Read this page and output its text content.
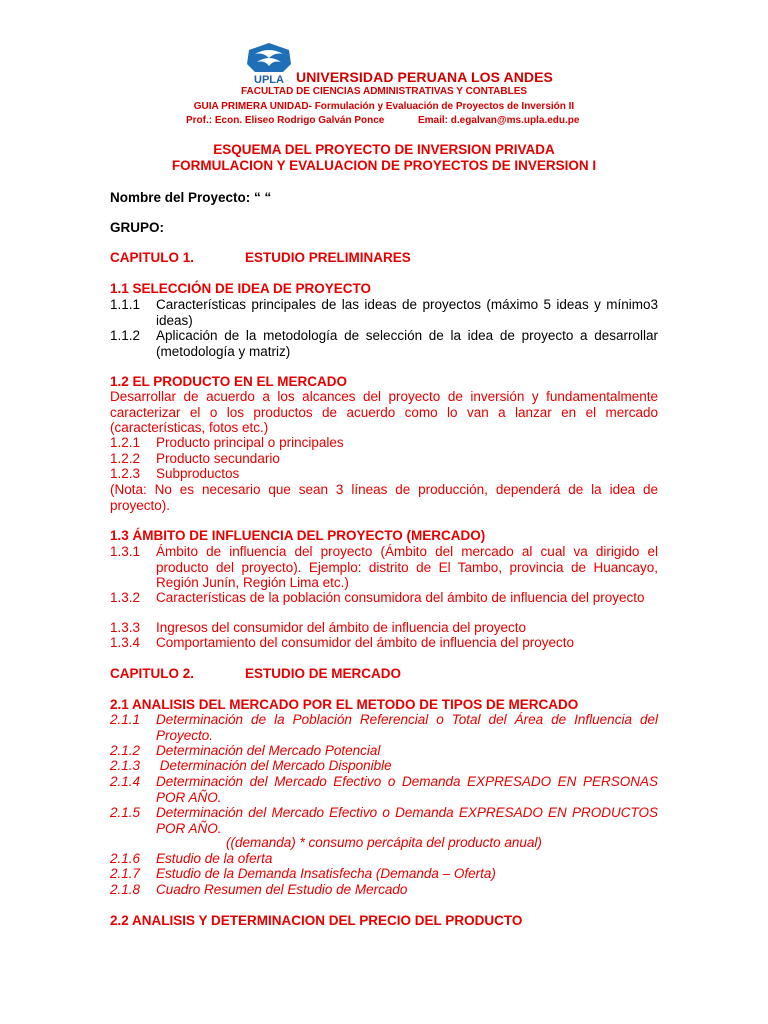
UPLA UNIVERSIDAD PERUANA LOS ANDES
FACULTAD DE CIENCIAS ADMINISTRATIVAS Y CONTABLES
GUIA PRIMERA UNIDAD- Formulación y Evaluación de Proyectos de Inversión II
Prof.: Econ. Eliseo Rodrigo Galván Ponce	Email: d.egalvan@ms.upla.edu.pe
ESQUEMA DEL PROYECTO DE INVERSION PRIVADA
FORMULACION Y EVALUACION DE PROYECTOS DE INVERSION I
Nombre del Proyecto: “ “
GRUPO:
CAPITULO 1.	ESTUDIO PRELIMINARES
1.1 SELECCIÓN DE IDEA DE PROYECTO
1.1.1 Características principales de las ideas de proyectos (máximo 5 ideas y mínimo3 ideas)
1.1.2 Aplicación de la metodología de selección de la idea de proyecto a desarrollar (metodología y matriz)
1.2 EL PRODUCTO EN EL MERCADO
Desarrollar de acuerdo a los alcances del proyecto de inversión y fundamentalmente caracterizar el o los productos de acuerdo como lo van a lanzar en el mercado (características, fotos etc.)
1.2.1 Producto principal o principales
1.2.2 Producto secundario
1.2.3 Subproductos
(Nota: No es necesario que sean 3 líneas de producción, dependerá de la idea de proyecto).
1.3 ÁMBITO DE INFLUENCIA DEL PROYECTO (MERCADO)
1.3.1 Ámbito de influencia del proyecto (Ámbito del mercado al cual va dirigido el producto del proyecto). Ejemplo: distrito de El Tambo, provincia de Huancayo, Región Junín, Región Lima etc.)
1.3.2 Características de la población consumidora del ámbito de influencia del proyecto
1.3.3 Ingresos del consumidor del ámbito de influencia del proyecto
1.3.4 Comportamiento del consumidor del ámbito de influencia del proyecto
CAPITULO 2.	ESTUDIO DE MERCADO
2.1 ANALISIS DEL MERCADO POR EL METODO DE TIPOS DE MERCADO
2.1.1 Determinación de la Población Referencial o Total del Área de Influencia del Proyecto.
2.1.2 Determinación del Mercado Potencial
2.1.3 Determinación del Mercado Disponible
2.1.4 Determinación del Mercado Efectivo o Demanda EXPRESADO EN PERSONAS POR AÑO.
2.1.5 Determinación del Mercado Efectivo o Demanda EXPRESADO EN PRODUCTOS POR AÑO.
((demanda) * consumo percápita del producto anual)
2.1.6 Estudio de la oferta
2.1.7 Estudio de la Demanda Insatisfecha (Demanda – Oferta)
2.1.8 Cuadro Resumen del Estudio de Mercado
2.2 ANALISIS Y DETERMINACION DEL PRECIO DEL PRODUCTO
